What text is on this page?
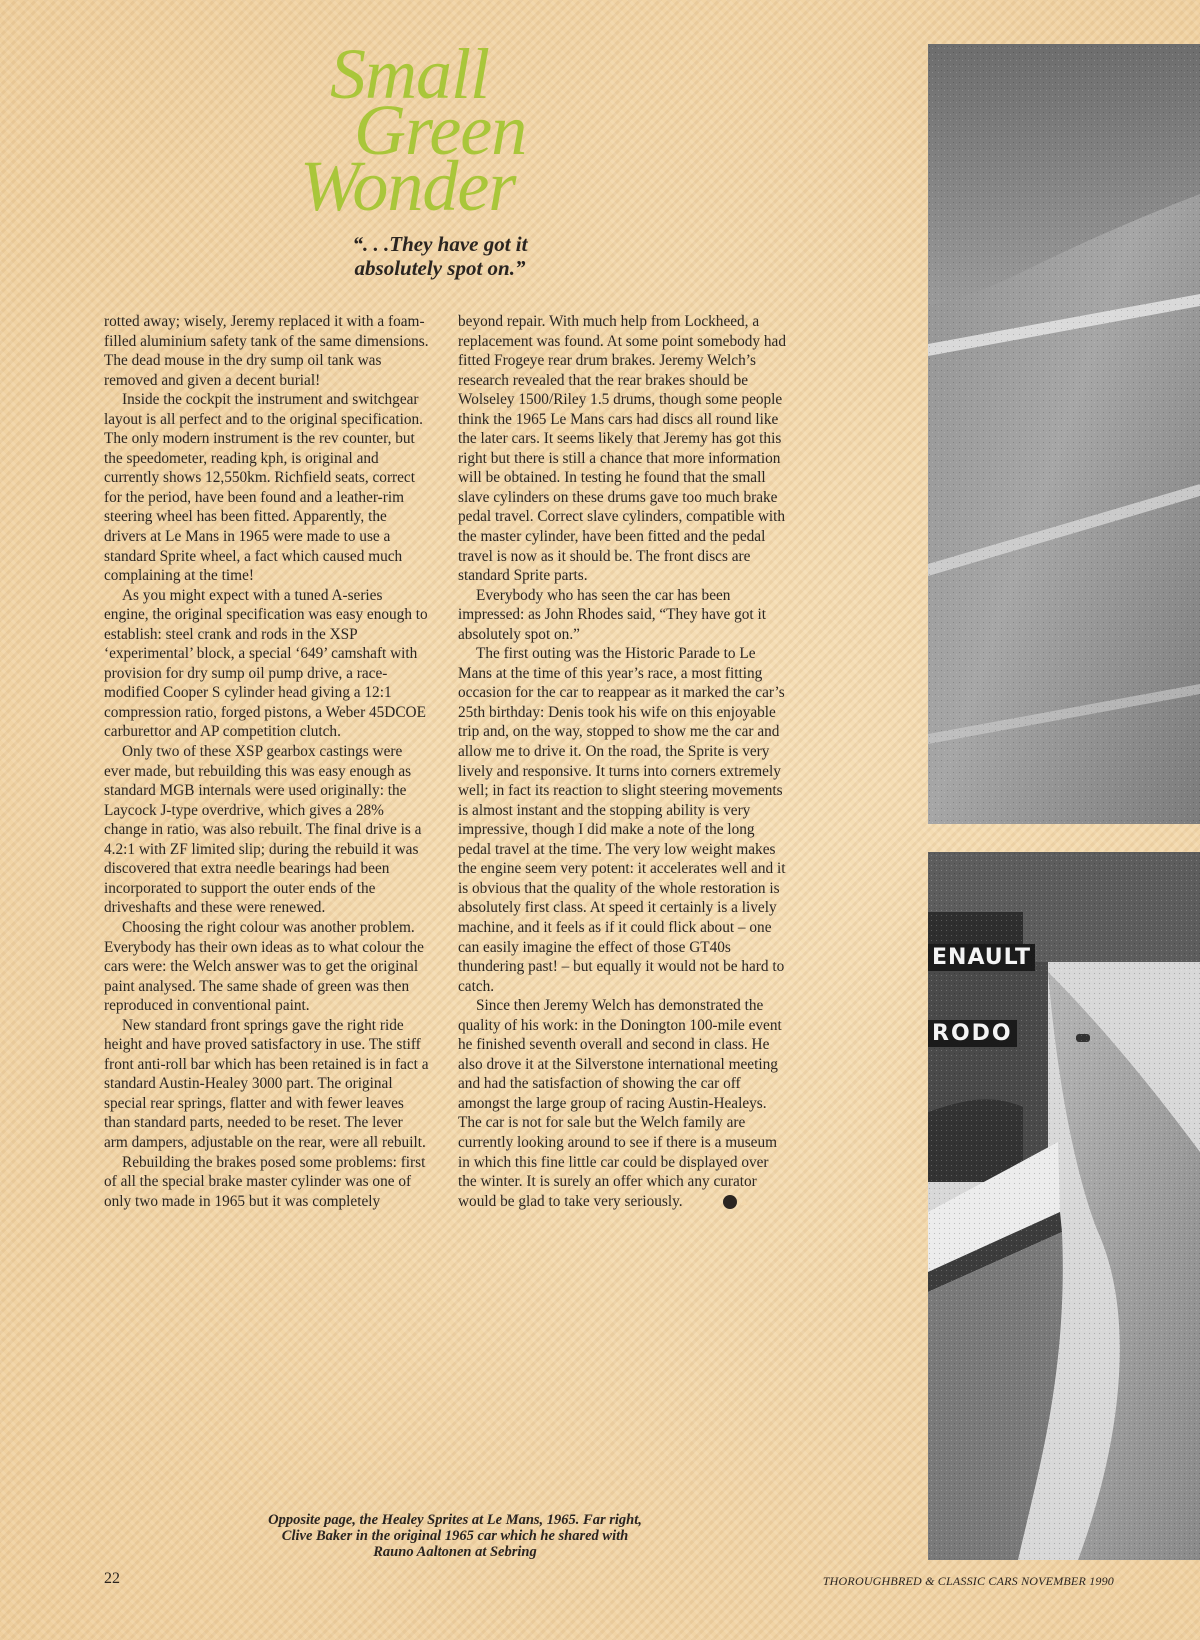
Small
Green
Wonder
“. . .They have got it
absolutely spot on.”

rotted away; wisely, Jeremy replaced it with a foam-filled aluminium safety tank of the same dimensions. The dead mouse in the dry sump oil tank was removed and given a decent burial!

Inside the cockpit the instrument and switchgear layout is all perfect and to the original specification. The only modern instrument is the rev counter, but the speedometer, reading kph, is original and currently shows 12,550km. Richfield seats, correct for the period, have been found and a leather-rim steering wheel has been fitted. Apparently, the drivers at Le Mans in 1965 were made to use a standard Sprite wheel, a fact which caused much complaining at the time!

As you might expect with a tuned A-series engine, the original specification was easy enough to establish: steel crank and rods in the XSP ‘experimental’ block, a special ‘649’ camshaft with provision for dry sump oil pump drive, a race-modified Cooper S cylinder head giving a 12:1 compression ratio, forged pistons, a Weber 45DCOE carburettor and AP competition clutch.

Only two of these XSP gearbox castings were ever made, but rebuilding this was easy enough as standard MGB internals were used originally: the Laycock J-type overdrive, which gives a 28% change in ratio, was also rebuilt. The final drive is a 4.2:1 with ZF limited slip; during the rebuild it was discovered that extra needle bearings had been incorporated to support the outer ends of the driveshafts and these were renewed.

Choosing the right colour was another problem. Everybody has their own ideas as to what colour the cars were: the Welch answer was to get the original paint analysed. The same shade of green was then reproduced in conventional paint.

New standard front springs gave the right ride height and have proved satisfactory in use. The stiff front anti-roll bar which has been retained is in fact a standard Austin-Healey 3000 part. The original special rear springs, flatter and with fewer leaves than standard parts, needed to be reset. The lever arm dampers, adjustable on the rear, were all rebuilt.

Rebuilding the brakes posed some problems: first of all the special brake master cylinder was one of only two made in 1965 but it was completely

beyond repair. With much help from Lockheed, a replacement was found. At some point somebody had fitted Frogeye rear drum brakes. Jeremy Welch’s research revealed that the rear brakes should be Wolseley 1500/Riley 1.5 drums, though some people think the 1965 Le Mans cars had discs all round like the later cars. It seems likely that Jeremy has got this right but there is still a chance that more information will be obtained. In testing he found that the small slave cylinders on these drums gave too much brake pedal travel. Correct slave cylinders, compatible with the master cylinder, have been fitted and the pedal travel is now as it should be. The front discs are standard Sprite parts.

Everybody who has seen the car has been impressed: as John Rhodes said, “They have got it absolutely spot on.”

The first outing was the Historic Parade to Le Mans at the time of this year’s race, a most fitting occasion for the car to reappear as it marked the car’s 25th birthday: Denis took his wife on this enjoyable trip and, on the way, stopped to show me the car and allow me to drive it. On the road, the Sprite is very lively and responsive. It turns into corners extremely well; in fact its reaction to slight steering movements is almost instant and the stopping ability is very impressive, though I did make a note of the long pedal travel at the time. The very low weight makes the engine seem very potent: it accelerates well and it is obvious that the quality of the whole restoration is absolutely first class. At speed it certainly is a lively machine, and it feels as if it could flick about – one can easily imagine the effect of those GT40s thundering past! – but equally it would not be hard to catch.

Since then Jeremy Welch has demonstrated the quality of his work: in the Donington 100-mile event he finished seventh overall and second in class. He also drove it at the Silverstone international meeting and had the satisfaction of showing the car off amongst the large group of racing Austin-Healeys. The car is not for sale but the Welch family are currently looking around to see if there is a museum in which this fine little car could be displayed over the winter. It is surely an offer which any curator would be glad to take very seriously.	▲

Opposite page, the Healey Sprites at Le Mans, 1965. Far right,
Clive Baker in the original 1965 car which he shared with
Rauno Aaltonen at Sebring
22	THOROUGHBRED & CLASSIC CARS NOVEMBER 1990
ENAULT
RODO
